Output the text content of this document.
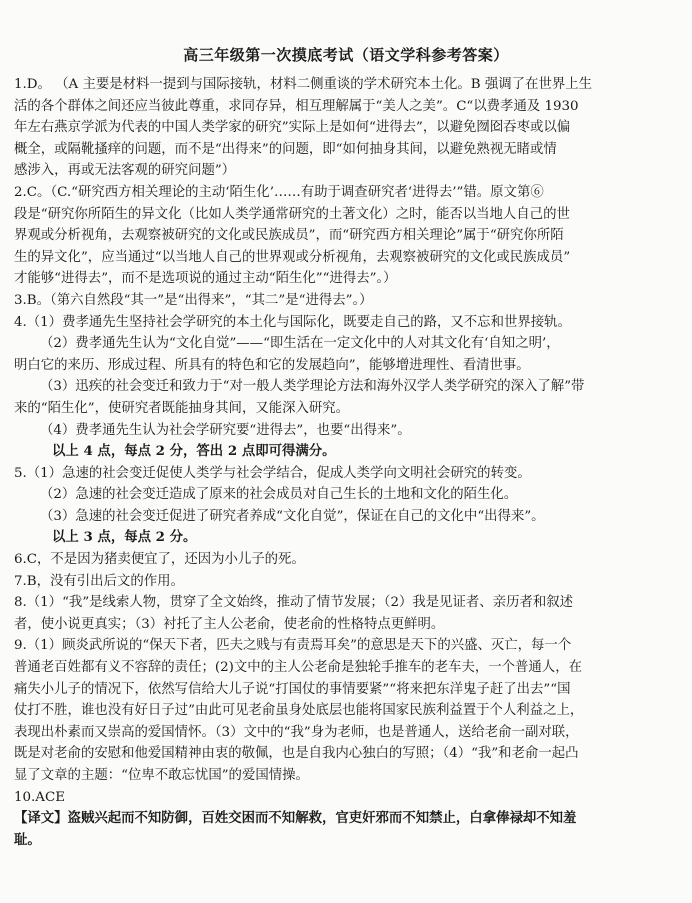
高三年级第一次摸底考试（语文学科参考答案）
1.D。 （A 主要是材料一提到与国际接轨，材料二侧重谈的学术研究本土化。B 强调了在世界上生
活的各个群体之间还应当彼此尊重，求同存异，相互理解属于“美人之美”。C“以费孝通及 1930
年左右燕京学派为代表的中国人类学家的研究”实际上是如何“进得去”，以避免囫囵吞枣或以偏
概全，或隔靴搔痒的问题，而不是“出得来”的问题，即“如何抽身其间，以避免熟视无睹或情
感涉入，再或无法客观的研究问题”）
2.C。（C.“研究西方相关理论的主动‘陌生化’……有助于调查研究者‘进得去’”错。原文第⑥
段是“研究你所陌生的异文化（比如人类学通常研究的土著文化）之时，能否以当地人自己的世
界观或分析视角，去观察被研究的文化或民族成员”，而“研究西方相关理论”属于“研究你所陌
生的异文化”，应当通过“以当地人自己的世界观或分析视角，去观察被研究的文化或民族成员”
才能够“进得去”，而不是选项说的通过主动“陌生化”“进得去”。）
3.B。（第六自然段“其一”是“出得来”，“其二”是“进得去”。）
4.（1）费孝通先生坚持社会学研究的本土化与国际化，既要走自己的路，又不忘和世界接轨。
（2）费孝通先生认为“文化自觉”——“即生活在一定文化中的人对其文化有‘自知之明’，
明白它的来历、形成过程、所具有的特色和它的发展趋向”，能够增进理性、看清世事。
（3）迅疾的社会变迁和致力于“对一般人类学理论方法和海外汉学人类学研究的深入了解”带
来的“陌生化”，使研究者既能抽身其间，又能深入研究。
（4）费孝通先生认为社会学研究要“进得去”，也要“出得来”。
以上 4 点，每点 2 分，答出 2 点即可得满分。
5.（1）急速的社会变迁促使人类学与社会学结合，促成人类学向文明社会研究的转变。
（2）急速的社会变迁造成了原来的社会成员对自己生长的土地和文化的陌生化。
（3）急速的社会变迁促进了研究者养成“文化自觉”，保证在自己的文化中“出得来”。
以上 3 点，每点 2 分。
6.C，不是因为猪卖便宜了，还因为小儿子的死。
7.B，没有引出后文的作用。
8.（1）“我”是线索人物，贯穿了全文始终，推动了情节发展；（2）我是见证者、亲历者和叙述
者，使小说更真实；（3）衬托了主人公老俞，使老俞的性格特点更鲜明。
9.（1）顾炎武所说的“保天下者，匹夫之贱与有责焉耳矣”的意思是天下的兴盛、灭亡，每一个
普通老百姓都有义不容辞的责任；(2)文中的主人公老俞是独轮手推车的老车夫，一个普通人，在
痛失小儿子的情况下，依然写信给大儿子说“打国仗的事情要紧”“将来把东洋鬼子赶了出去”“国
仗打不胜，谁也没有好日子过”由此可见老俞虽身处底层也能将国家民族利益置于个人利益之上，
表现出朴素而又崇高的爱国情怀。（3）文中的“我”身为老师，也是普通人，送给老俞一副对联，
既是对老俞的安慰和他爱国精神由衷的敬佩，也是自我内心独白的写照；（4）“我”和老俞一起凸
显了文章的主题：“位卑不敢忘忧国”的爱国情操。
10.ACE
【译文】盗贼兴起而不知防御，百姓交困而不知解救，官吏奸邪而不知禁止，白拿俸禄却不知羞
耻。
